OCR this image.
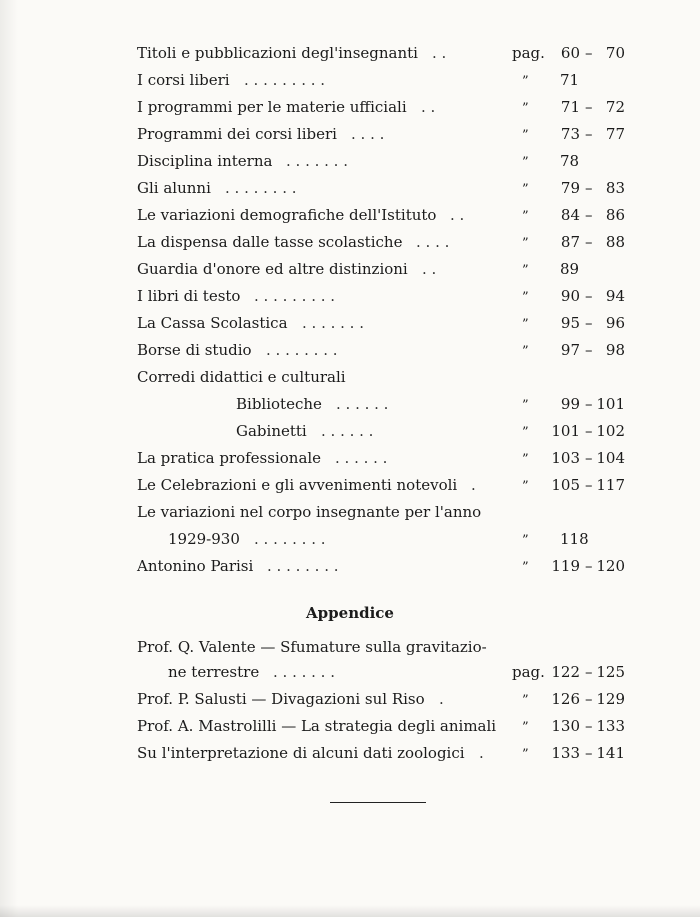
Titoli e pubblicazioni degl'insegnanti . .	pag.	60 – 70
I corsi liberi . . . . . . . . .	” 71
I programmi per le materie ufficiali . .	”	71 – 72
Programmi dei corsi liberi . . . .	”	73 – 77
Disciplina interna . . . . . . .	” 78
Gli alunni . . . . . . . .	”	79 – 83
Le variazioni demografiche dell'Istituto . .	”	84 – 86
La dispensa dalle tasse scolastiche . . . .	”	87 – 88
Guardia d'onore ed altre distinzioni . .	” 89
I libri di testo . . . . . . . . .	”	90 – 94
La Cassa Scolastica . . . . . . .	”	95 – 96
Borse di studio . . . . . . . .	”	97 – 98
Corredi didattici e culturali
Biblioteche . . . . . .	”	99 – 101
Gabinetti . . . . . .	”	101 – 102
La pratica professionale . . . . . .	”	103 – 104
Le Celebrazioni e gli avvenimenti notevoli .	”	105 – 117
Le variazioni nel corpo insegnante per l'anno
1929-930 . . . . . . . .	” 118
Antonino Parisi . . . . . . . .	”	119 – 120
Appendice
Prof. Q. Valente — Sfumature sulla gravitazio-
ne terrestre . . . . . . .	pag. 122 – 125
Prof. P. Salusti — Divagazioni sul Riso .	”	126 – 129
Prof. A. Mastrolilli — La strategia degli animali ”	130 – 133
Su l'interpretazione di alcuni dati zoologici .	”	133 – 141
